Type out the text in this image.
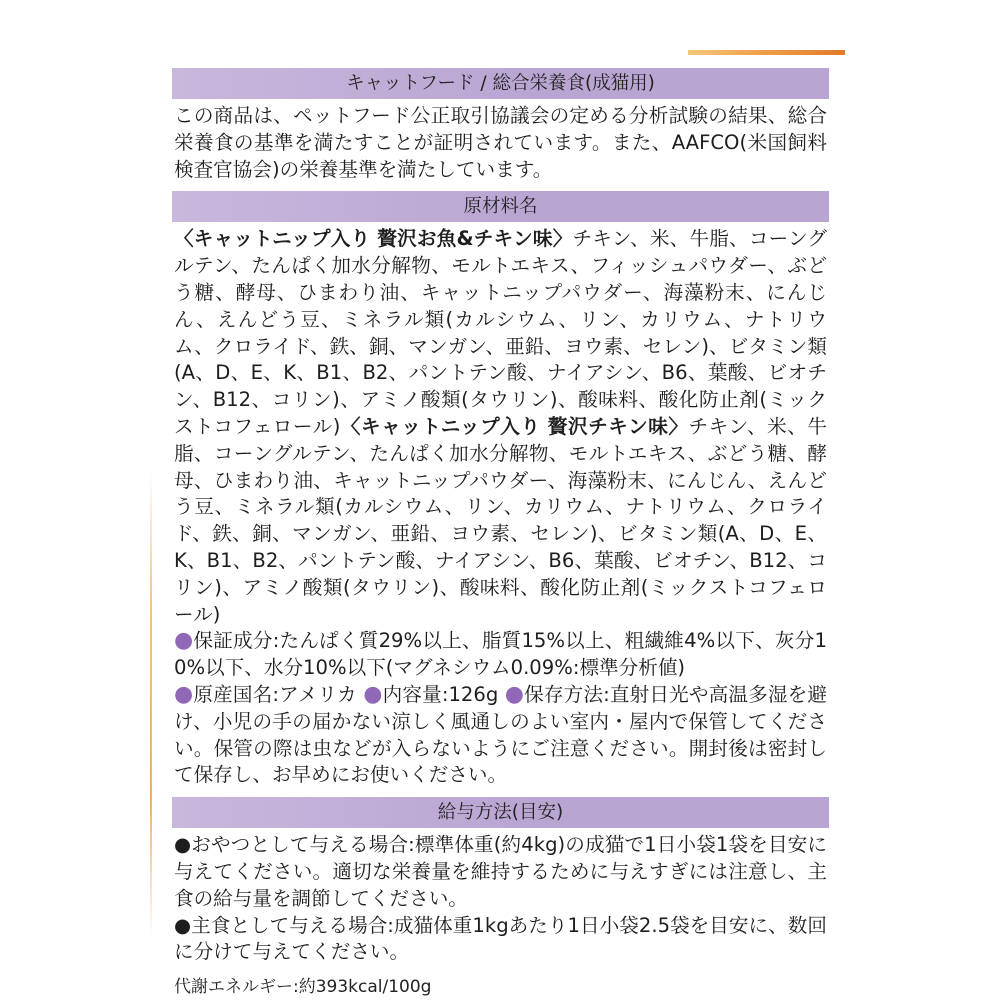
キャットフード / 総合栄養食(成猫用)
この商品は、ペットフード公正取引協議会の定める分析試験の結果、総合栄養食の基準を満たすことが証明されています。また、AAFCO(米国飼料検査官協会)の栄養基準を満たしています。
原材料名
〈キャットニップ入り 贅沢お魚&チキン味〉チキン、米、牛脂、コーングルテン、たんぱく加水分解物、モルトエキス、フィッシュパウダー、ぶどう糖、酵母、ひまわり油、キャットニップパウダー、海藻粉末、にんじん、えんどう豆、ミネラル類(カルシウム、リン、カリウム、ナトリウム、クロライド、鉄、銅、マンガン、亜鉛、ヨウ素、セレン)、ビタミン類(A、D、E、K、B1、B2、パントテン酸、ナイアシン、B6、葉酸、ビオチン、B12、コリン)、アミノ酸類(タウリン)、酸味料、酸化防止剤(ミックストコフェロール)〈キャットニップ入り 贅沢チキン味〉チキン、米、牛脂、コーングルテン、たんぱく加水分解物、モルトエキス、ぶどう糖、酵母、ひまわり油、キャットニップパウダー、海藻粉末、にんじん、えんどう豆、ミネラル類(カルシウム、リン、カリウム、ナトリウム、クロライド、鉄、銅、マンガン、亜鉛、ヨウ素、セレン)、ビタミン類(A、D、E、K、B1、B2、パントテン酸、ナイアシン、B6、葉酸、ビオチン、B12、コリン)、アミノ酸類(タウリン)、酸味料、酸化防止剤(ミックストコフェロール)
●保証成分:たんぱく質29%以上、脂質15%以上、粗繊維4%以下、灰分10%以下、水分10%以下(マグネシウム0.09%:標準分析値)
●原産国名:アメリカ ●内容量:126g ●保存方法:直射日光や高温多湿を避け、小児の手の届かない涼しく風通しのよい室内・屋内で保管してください。保管の際は虫などが入らないようにご注意ください。開封後は密封して保存し、お早めにお使いください。
給与方法(目安)
●おやつとして与える場合:標準体重(約4kg)の成猫で1日小袋1袋を目安に与えてください。適切な栄養量を維持するために与えすぎには注意し、主食の給与量を調節してください。
●主食として与える場合:成猫体重1kgあたり1日小袋2.5袋を目安に、数回に分けて与えてください。
代謝エネルギー:約393kcal/100g
